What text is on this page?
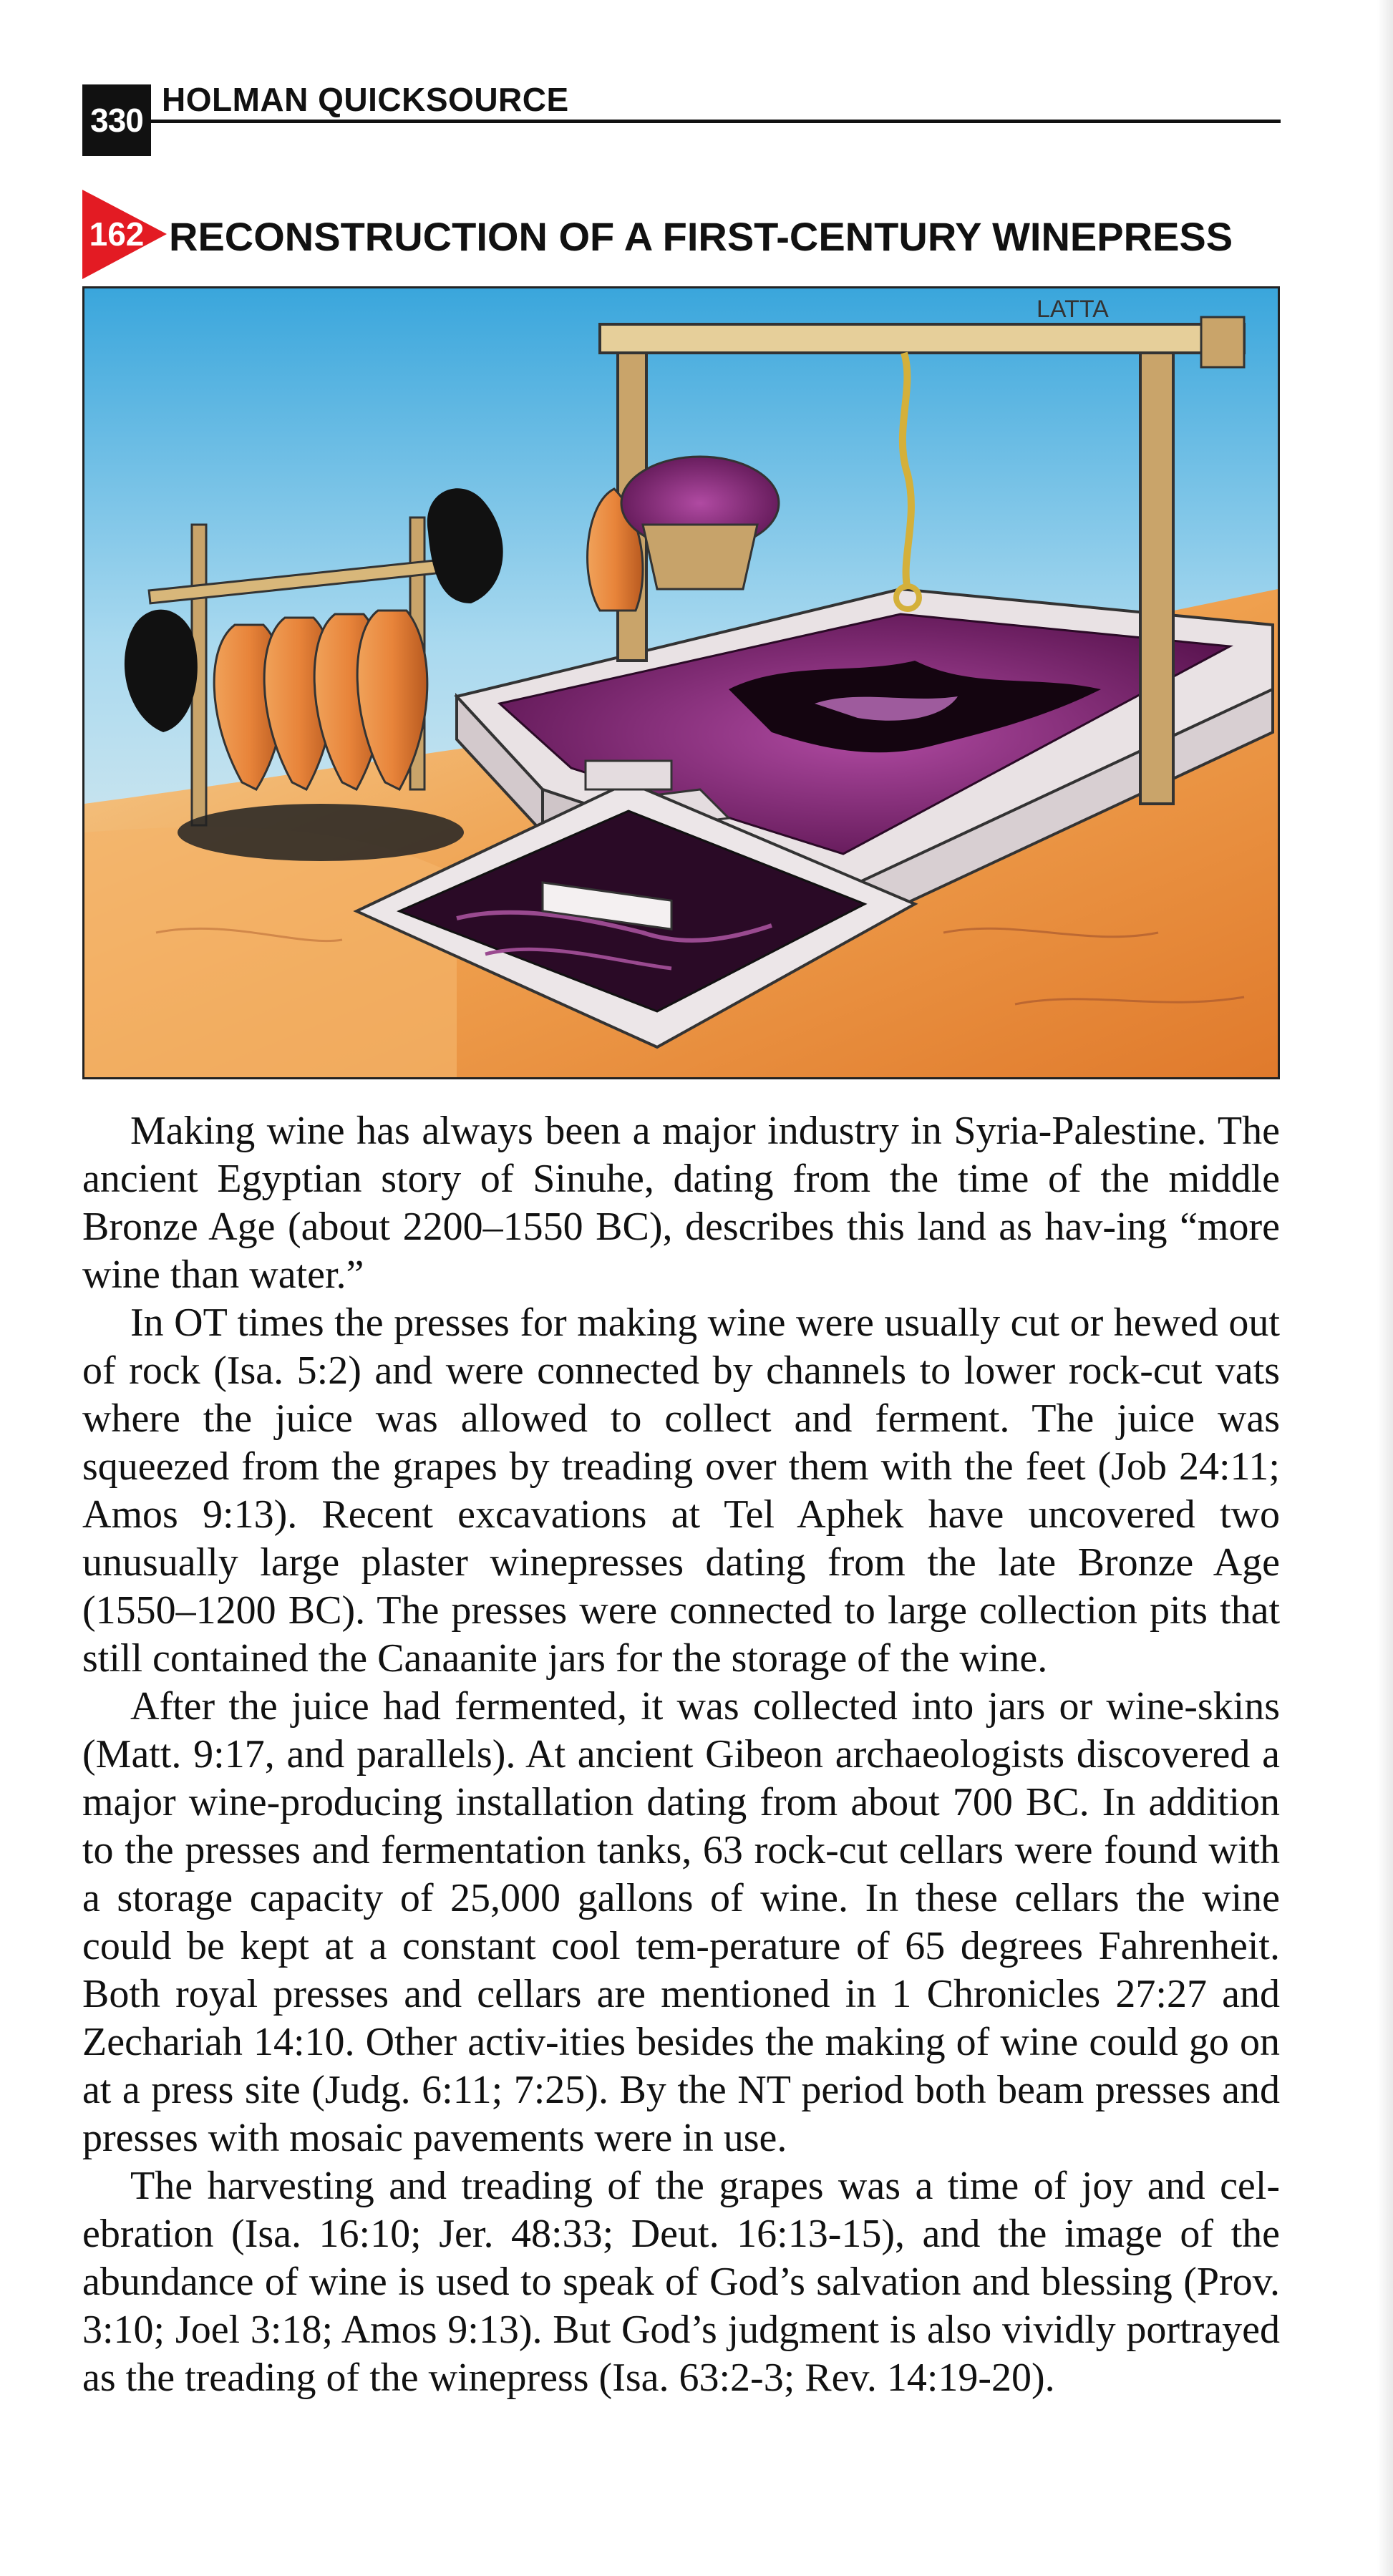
330
HOLMAN QUICKSOURCE
162 RECONSTRUCTION OF A FIRST-CENTURY WINEPRESS
LATTA

Making wine has always been a major industry in Syria-Palestine. The ancient Egyptian story of Sinuhe, dating from the time of the middle Bronze Age (about 2200–1550 BC), describes this land as hav-ing “more wine than water.”

In OT times the presses for making wine were usually cut or hewed out of rock (Isa. 5:2) and were connected by channels to lower rock-cut vats where the juice was allowed to collect and ferment. The juice was squeezed from the grapes by treading over them with the feet (Job 24:11; Amos 9:13). Recent excavations at Tel Aphek have uncovered two unusually large plaster winepresses dating from the late Bronze Age (1550–1200 BC). The presses were connected to large collection pits that still contained the Canaanite jars for the storage of the wine.

After the juice had fermented, it was collected into jars or wine-skins (Matt. 9:17, and parallels). At ancient Gibeon archaeologists discovered a major wine-producing installation dating from about 700 BC. In addition to the presses and fermentation tanks, 63 rock-cut cellars were found with a storage capacity of 25,000 gallons of wine. In these cellars the wine could be kept at a constant cool tem-perature of 65 degrees Fahrenheit. Both royal presses and cellars are mentioned in 1 Chronicles 27:27 and Zechariah 14:10. Other activ-ities besides the making of wine could go on at a press site (Judg. 6:11; 7:25). By the NT period both beam presses and presses with mosaic pavements were in use.

The harvesting and treading of the grapes was a time of joy and cel-ebration (Isa. 16:10; Jer. 48:33; Deut. 16:13-15), and the image of the abundance of wine is used to speak of God’s salvation and blessing (Prov. 3:10; Joel 3:18; Amos 9:13). But God’s judgment is also vividly portrayed as the treading of the winepress (Isa. 63:2-3; Rev. 14:19-20).
